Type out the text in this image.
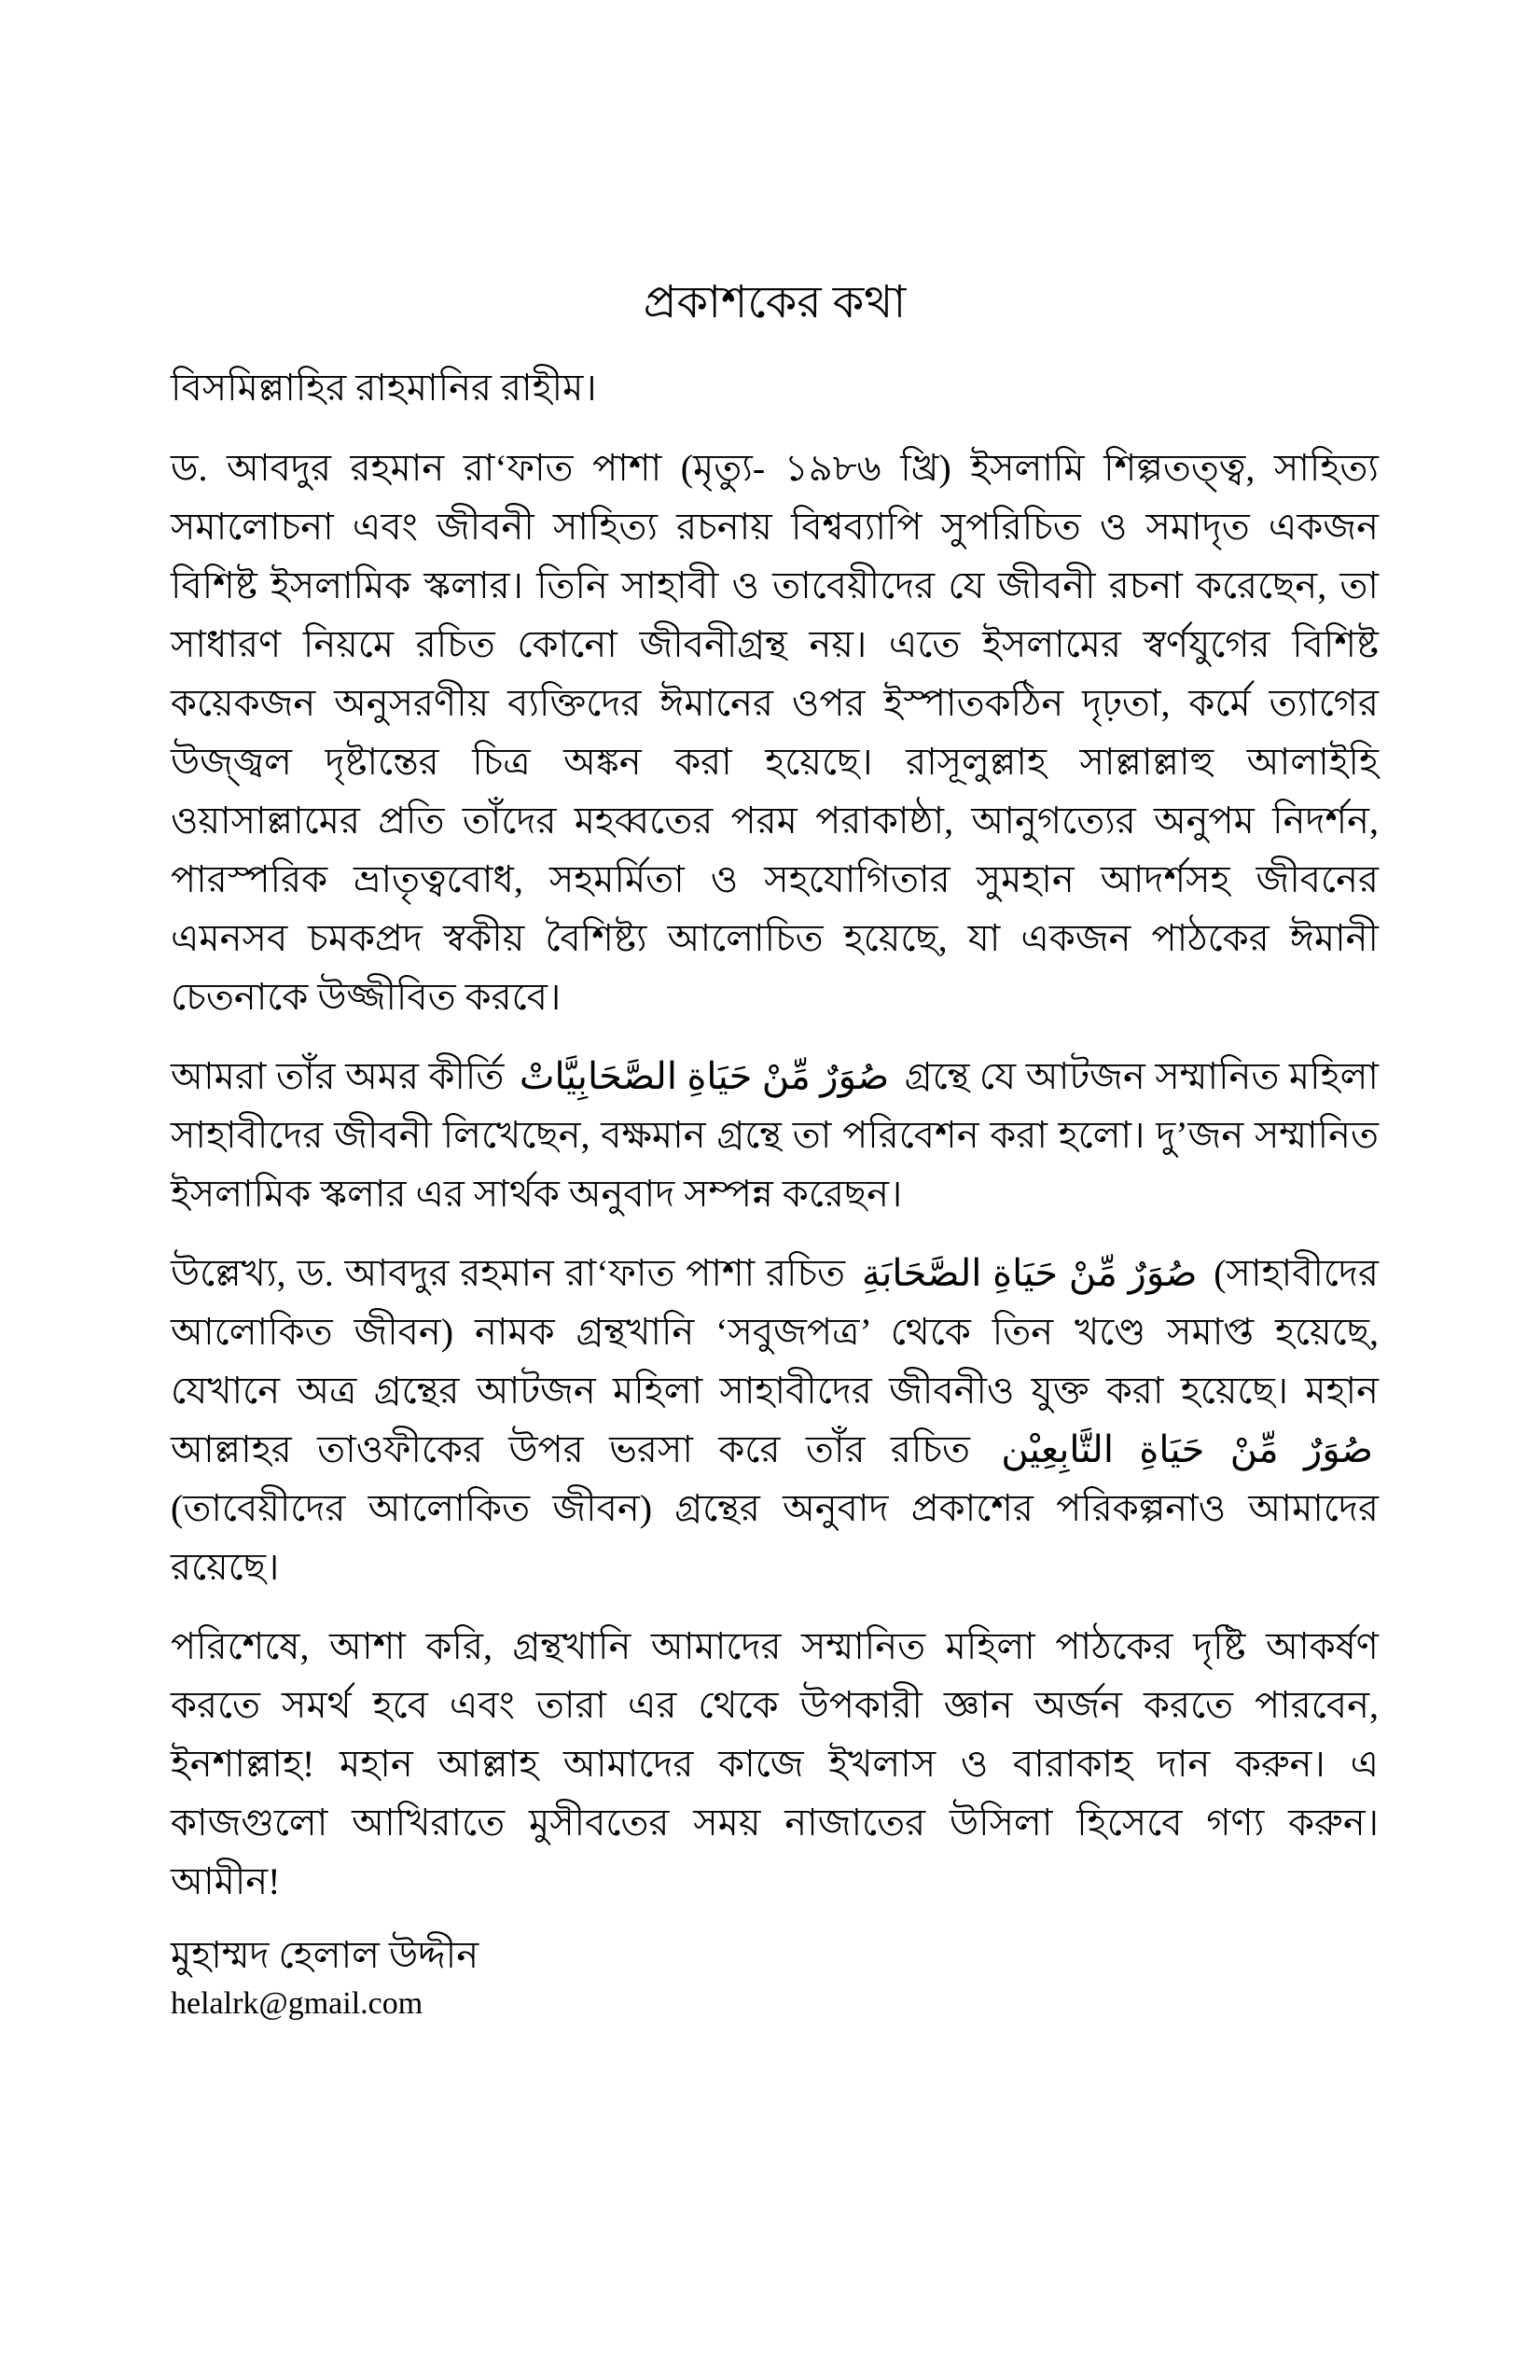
প্রকাশকের কথা

বিসমিল্লাহির রাহমানির রাহীম।

ড. আবদুর রহমান রা‘ফাত পাশা (মৃত্যু- ১৯৮৬ খ্রি) ইসলামি শিল্পতত্ত্ব, সাহিত্য সমালোচনা এবং জীবনী সাহিত্য রচনায় বিশ্বব্যাপি সুপরিচিত ও সমাদৃত একজন বিশিষ্ট ইসলামিক স্কলার। তিনি সাহাবী ও তাবেয়ীদের যে জীবনী রচনা করেছেন, তা সাধারণ নিয়মে রচিত কোনো জীবনীগ্রন্থ নয়। এতে ইসলামের স্বর্ণযুগের বিশিষ্ট কয়েকজন অনুসরণীয় ব্যক্তিদের ঈমানের ওপর ইস্পাতকঠিন দৃঢ়তা, কর্মে ত্যাগের উজ্জ্বল দৃষ্টান্তের চিত্র অঙ্কন করা হয়েছে। রাসূলুল্লাহ সাল্লাল্লাহু আলাইহি ওয়াসাল্লামের প্রতি তাঁদের মহব্বতের পরম পরাকাষ্ঠা, আনুগত্যের অনুপম নিদর্শন, পারস্পরিক ভ্রাতৃত্ববোধ, সহমর্মিতা ও সহযোগিতার সুমহান আদর্শসহ জীবনের এমনসব চমকপ্রদ স্বকীয় বৈশিষ্ট্য আলোচিত হয়েছে, যা একজন পাঠকের ঈমানী চেতনাকে উজ্জীবিত করবে।

আমরা তাঁর অমর কীর্তি صُوَرٌ مِّنْ حَيَاةِ الصَّحَابِيَّاتْ গ্রন্থে যে আটজন সম্মানিত মহিলা সাহাবীদের জীবনী লিখেছেন, বক্ষমান গ্রন্থে তা পরিবেশন করা হলো। দু’জন সম্মানিত ইসলামিক স্কলার এর সার্থক অনুবাদ সম্পন্ন করেছন।

উল্লেখ্য, ড. আবদুর রহমান রা‘ফাত পাশা রচিত صُوَرٌ مِّنْ حَيَاةِ الصَّحَابَةِ (সাহাবীদের আলোকিত জীবন) নামক গ্রন্থখানি ‘সবুজপত্র’ থেকে তিন খণ্ডে সমাপ্ত হয়েছে, যেখানে অত্র গ্রন্থের আটজন মহিলা সাহাবীদের জীবনীও যুক্ত করা হয়েছে। মহান আল্লাহর তাওফীকের উপর ভরসা করে তাঁর রচিত صُوَرٌ مِّنْ حَيَاةِ التَّابِعِيْن (তাবেয়ীদের আলোকিত জীবন) গ্রন্থের অনুবাদ প্রকাশের পরিকল্পনাও আমাদের রয়েছে।

পরিশেষে, আশা করি, গ্রন্থখানি আমাদের সম্মানিত মহিলা পাঠকের দৃষ্টি আকর্ষণ করতে সমর্থ হবে এবং তারা এর থেকে উপকারী জ্ঞান অর্জন করতে পারবেন, ইনশাল্লাহ! মহান আল্লাহ আমাদের কাজে ইখলাস ও বারাকাহ দান করুন। এ কাজগুলো আখিরাতে মুসীবতের সময় নাজাতের উসিলা হিসেবে গণ্য করুন। আমীন!

মুহাম্মদ হেলাল উদ্দীন

helalrk@gmail.com
